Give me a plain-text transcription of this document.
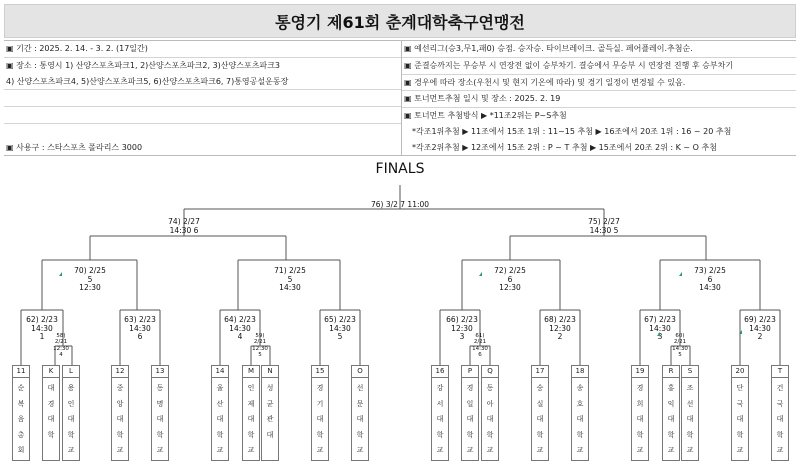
통영기 제61회 춘계대학축구연맹전
▣ 기간 : 2025. 2. 14. - 3. 2. (17일간)
▣ 장소 : 통영시 1) 산양스포츠파크1, 2)산양스포츠파크2, 3)산양스포츠파크3
4) 산양스포츠파크4, 5)산양스포츠파크5, 6)산양스포츠파크6, 7)통영공설운동장
▣ 사용구 : 스타스포츠 폴라리스 3000
▣ 예선리그(승3,무1,패0) 승점. 승자승. 타이브레이크. 골득실. 페어플레이.추첨순.
▣ 준결승까지는 무승부 시 연장전 없이 승부차기. 결승에서 무승부 시 연장전 진행 후 승부차기
▣ 경우에 따라 장소(우천시 및 현지 기온에 따라) 및 경기 일정이 변경될 수 있음.
▣ 토너먼트추첨 일시 및 장소 : 2025. 2. 19
▣ 토너먼트 추첨방식 ▶ *11조2위는 P~S추첨
*각조1위추첨 ▶ 11조에서 15조 1위 : 11~15 추첨 ▶ 16조에서 20조 1위 : 16 ~ 20 추첨
*각조2위추첨 ▶ 12조에서 15조 2위 : P ~ T 추첨 ▶ 15조에서 20조 2위 : K ~ O 추첨
FINALS
76) 3/2 7 11:00
74) 2/27
14:30 6
75) 2/27
14:30 5
70) 2/25
5
12:30
71) 2/25
5
14:30
72) 2/25
6
12:30
73) 2/25
6
14:30
62) 2/23
14:30
1
63) 2/23
14:30
6
64) 2/23
14:30
4
65) 2/23
14:30
5
66) 2/23
12:30
3
68) 2/23
12:30
2
67) 2/23
14:30
3
69) 2/23
14:30
2
58)
2/21
12:30
4
59)
2/21
12:30
5
61)
2/21
14:30
6
60)
2/21
14:30
5
11
순복음총회
K
대경대학
L
용인대학교
12
중앙대학교
13
동명대학교
14
울산대학교
M
인제대학교
N
성균관대
15
경기대학교
O
선문대학교
16
강서대학교
P
경일대학교
Q
동아대학교
17
숭실대학교
18
송호대학교
19
경희대학교
R
홍익대학교
S
조선대학교
20
단국대학교
T
건국대학교
